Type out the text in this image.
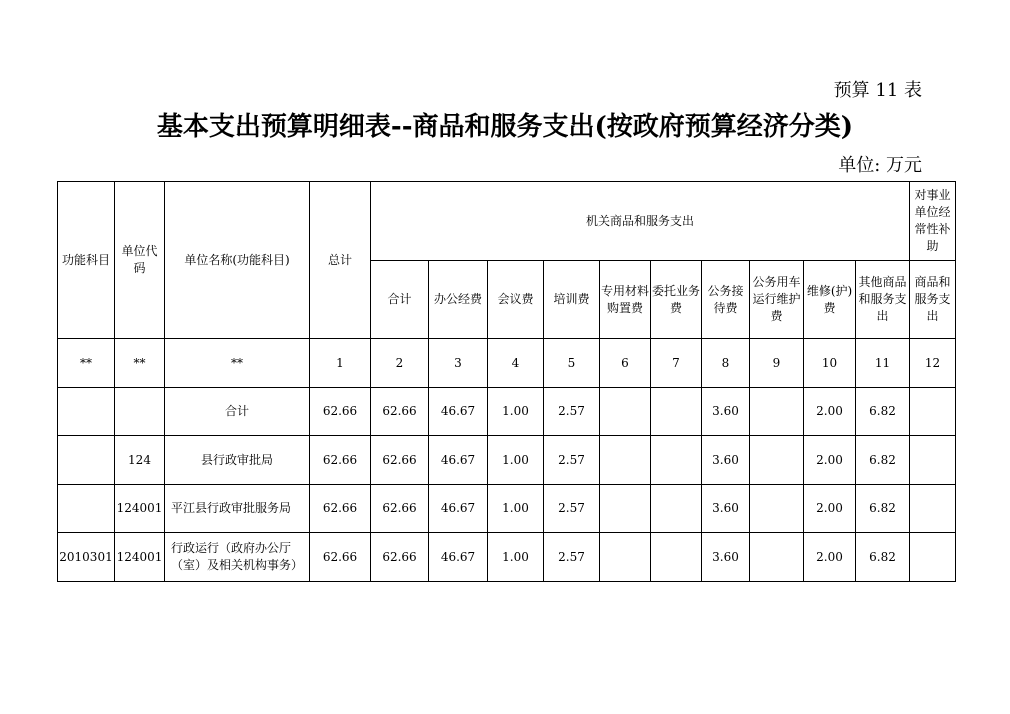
预算 11 表
基本支出预算明细表--商品和服务支出(按政府预算经济分类)
单位: 万元
功能科目	单位代码	单位名称(功能科目)	总计	机关商品和服务支出										对事业单位经常性补助
				合计	办公经费	会议费	培训费	专用材料购置费	委托业务费	公务接待费	公务用车运行维护费	维修(护)费	其他商品和服务支出	商品和服务支出
**	**	**	1	2	3	4	5	6	7	8	9	10	11	12
		合计	62.66	62.66	46.67	1.00	2.57			3.60		2.00	6.82	
	124	县行政审批局	62.66	62.66	46.67	1.00	2.57			3.60		2.00	6.82	
	124001	平江县行政审批服务局	62.66	62.66	46.67	1.00	2.57			3.60		2.00	6.82	
2010301	124001	行政运行（政府办公厅（室）及相关机构事务）	62.66	62.66	46.67	1.00	2.57			3.60		2.00	6.82	
